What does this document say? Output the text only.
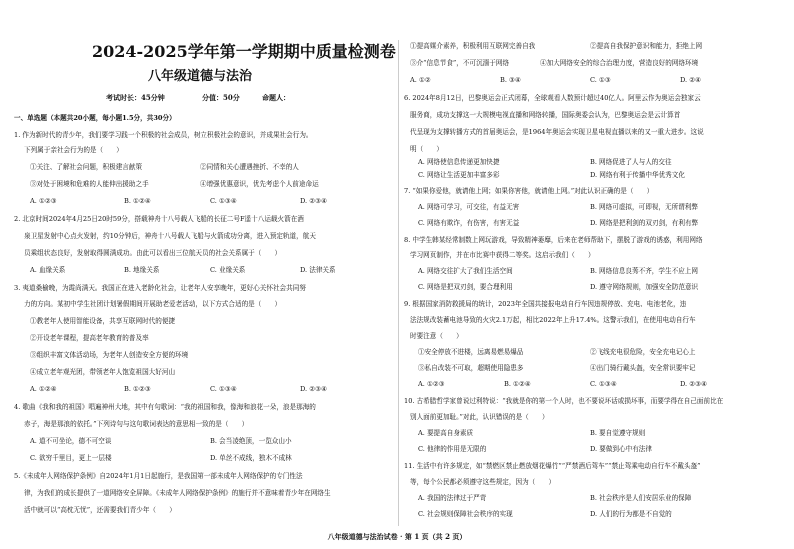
2024-2025学年第一学期期中质量检测卷
八年级道德与法治
考试时长：45分钟	分值：50分	命题人：
一、单选题（本题共20小题，每小题1.5分，共30分）
1. 作为新时代的青少年，我们要学习践一个积极的社会成员，树立积极社会的意识，并成果社会行为。
下列属于亲社会行为的是（　　）
①关注、了解社会问题，积极建言献策	②同情和关心遭遇挫折、不幸的人
③对处于困境和危难的人能伸出援助之手	④增强优惠意识，优先考虑个人前途命运
A. ①②③	B. ①②④	C. ①③④	D. ②③④
2. 北京时间2024年4月25日20时59分，搭载神舟十八号载人飞船的长征二号F遥十八运载火箭在酒
泉卫星发射中心点火发射，约10分钟后，神舟十八号载人飞船与火箭成功分离，进入预定轨道，航天
员乘组状态良好，发射取得圆满成功。由此可以看出三位航天员的社会关系属于（　　）
A. 血缘关系	B. 地缘关系	C. 业缘关系	D. 法律关系
3. 夷道桑榆晚，为霞尚满天。我国正在进入老龄化社会，让老年人安享晚年，更好心关怀社会共同努
力的方向。某初中学生社团计划暑假期间开展助老爱老活动，以下方式合适的是（　　）
①教老年人使用智能设备，共享互联网时代的便捷
②开设老年课程，提高老年教育的普及率
③组织丰富文体活动场，为老年人创造安全方便的环境
④成立老年观光团，带领老年人饱览祖国大好河山
A. ①②④	B. ①②③	C. ①③④	D. ②③④
4. 歌曲《我和我的祖国》唱遍神州大地，其中有句歌词：“我的祖国和我，像海和浪花一朵，浪是那海的
赤子，海是那浪的依托。”下列诗句与这句歌词表达的意思相一致的是（　　）
A. 道不可坐论，德不可空谈	B. 会当凌绝顶，一览众山小
C. 欲穷千里目，更上一层楼	D. 单丝不成线，独木不成林
5.《未成年人网络保护条例》自2024年1月1日起施行，是我国第一部未成年人网络保护的专门性法
律，为我们的成长提供了一道网络安全屏障。《未成年人网络保护条例》的施行并不意味着青少年在网络生
活中就可以“高枕无忧”，还需要我们青少年（　　）
①提高媒介素养，积极利用互联网完善自我	②提高自我保护意识和能力，拒绝上网
③介“信息节食”，不可沉湎于网络	④加大网络安全的综合治理力度，营造良好的网络环境
A. ①②	B. ③④	C. ①③	D. ②④
6. 2024年8月12日，巴黎奥运会正式闭幕，全球观看人数预计超过40亿人。阿里云作为奥运会独家云
服务商，成功支撑这一大规模电视直播和网络转播，国际奥委会认为，巴黎奥运会是云计算首
代呈现为支撑转播方式的首届奥运会，是1964年奥运会实现卫星电视直播以来的又一重大进步。这说
明（　　）
A. 网络使信息传递更加快捷	B. 网络促进了人与人的交往
C. 网络让生活更加丰富多彩	D. 网络有利于传播中华优秀文化
7. “如果你爱他，就请他上网；如果你害他，就请他上网。”对此认识正确的是（　　）
A. 网络可学习，可交往，有益无害	B. 网络可虚拟，可即视，无所谓利弊
C. 网络有欺诈，有伤害，有害无益	D. 网络是把利剑的双刃剑，有利有弊
8. 中学生韩某经常制数上网玩游戏，导致精神萎靡，后来在老师帮助下，摆脱了游戏的诱惑，利用网络
学习网页制作，并在市比赛中获得二等奖。这启示我们（　　）
A. 网络交往扩大了我们生活空间	B. 网络信息良莠不齐，学生不应上网
C. 网络是把双刃剑，要合理利用	D. 遵守网络规则，加强安全防范意识
9. 根据国家消防救援局的统计，2023年全国共接报电动自行车因违规停放、充电、电池老化，违
法法规改装蓄电池导致的火灾2.1万起，相比2022年上升17.4%。这警示我们，在使用电动自行车
时要注意（　　）
①安全停放不进楼，远离易燃易爆品	②飞线充电很危险，安全充电记心上
③私自改装不可取，超期使用隐患多	④出门骑行戴头盔，安全常识要牢记
A. ①②③	B. ①②④	C. ①③④	D. ②③④
10. 古希腊哲学家曾说过利特说：“我就是你的第一个人时，也不要说坏话或损坏事，而要学得在自己面前比在
别人面前更加耻。”对此，认识错误的是（　　）
A. 要提高自身素质	B. 要自觉遵守规则
C. 他律的作用是无限的	D. 要做到心中有法律
11. 生活中有许多规定，如“禁燃区禁止燃放烟花爆竹”“严禁酒后驾车”“禁止驾乘电动自行车不戴头盔”
等，每个公民都必须遵守这些规定，因为（　　）
A. 我国的法律过于严苛	B. 社会秩序是人们安居乐业的保障
C. 社会规则保障社会秩序的实现	D. 人们的行为都是不自觉的
八年级道德与法治试卷 · 第 1 页（共 2 页）
